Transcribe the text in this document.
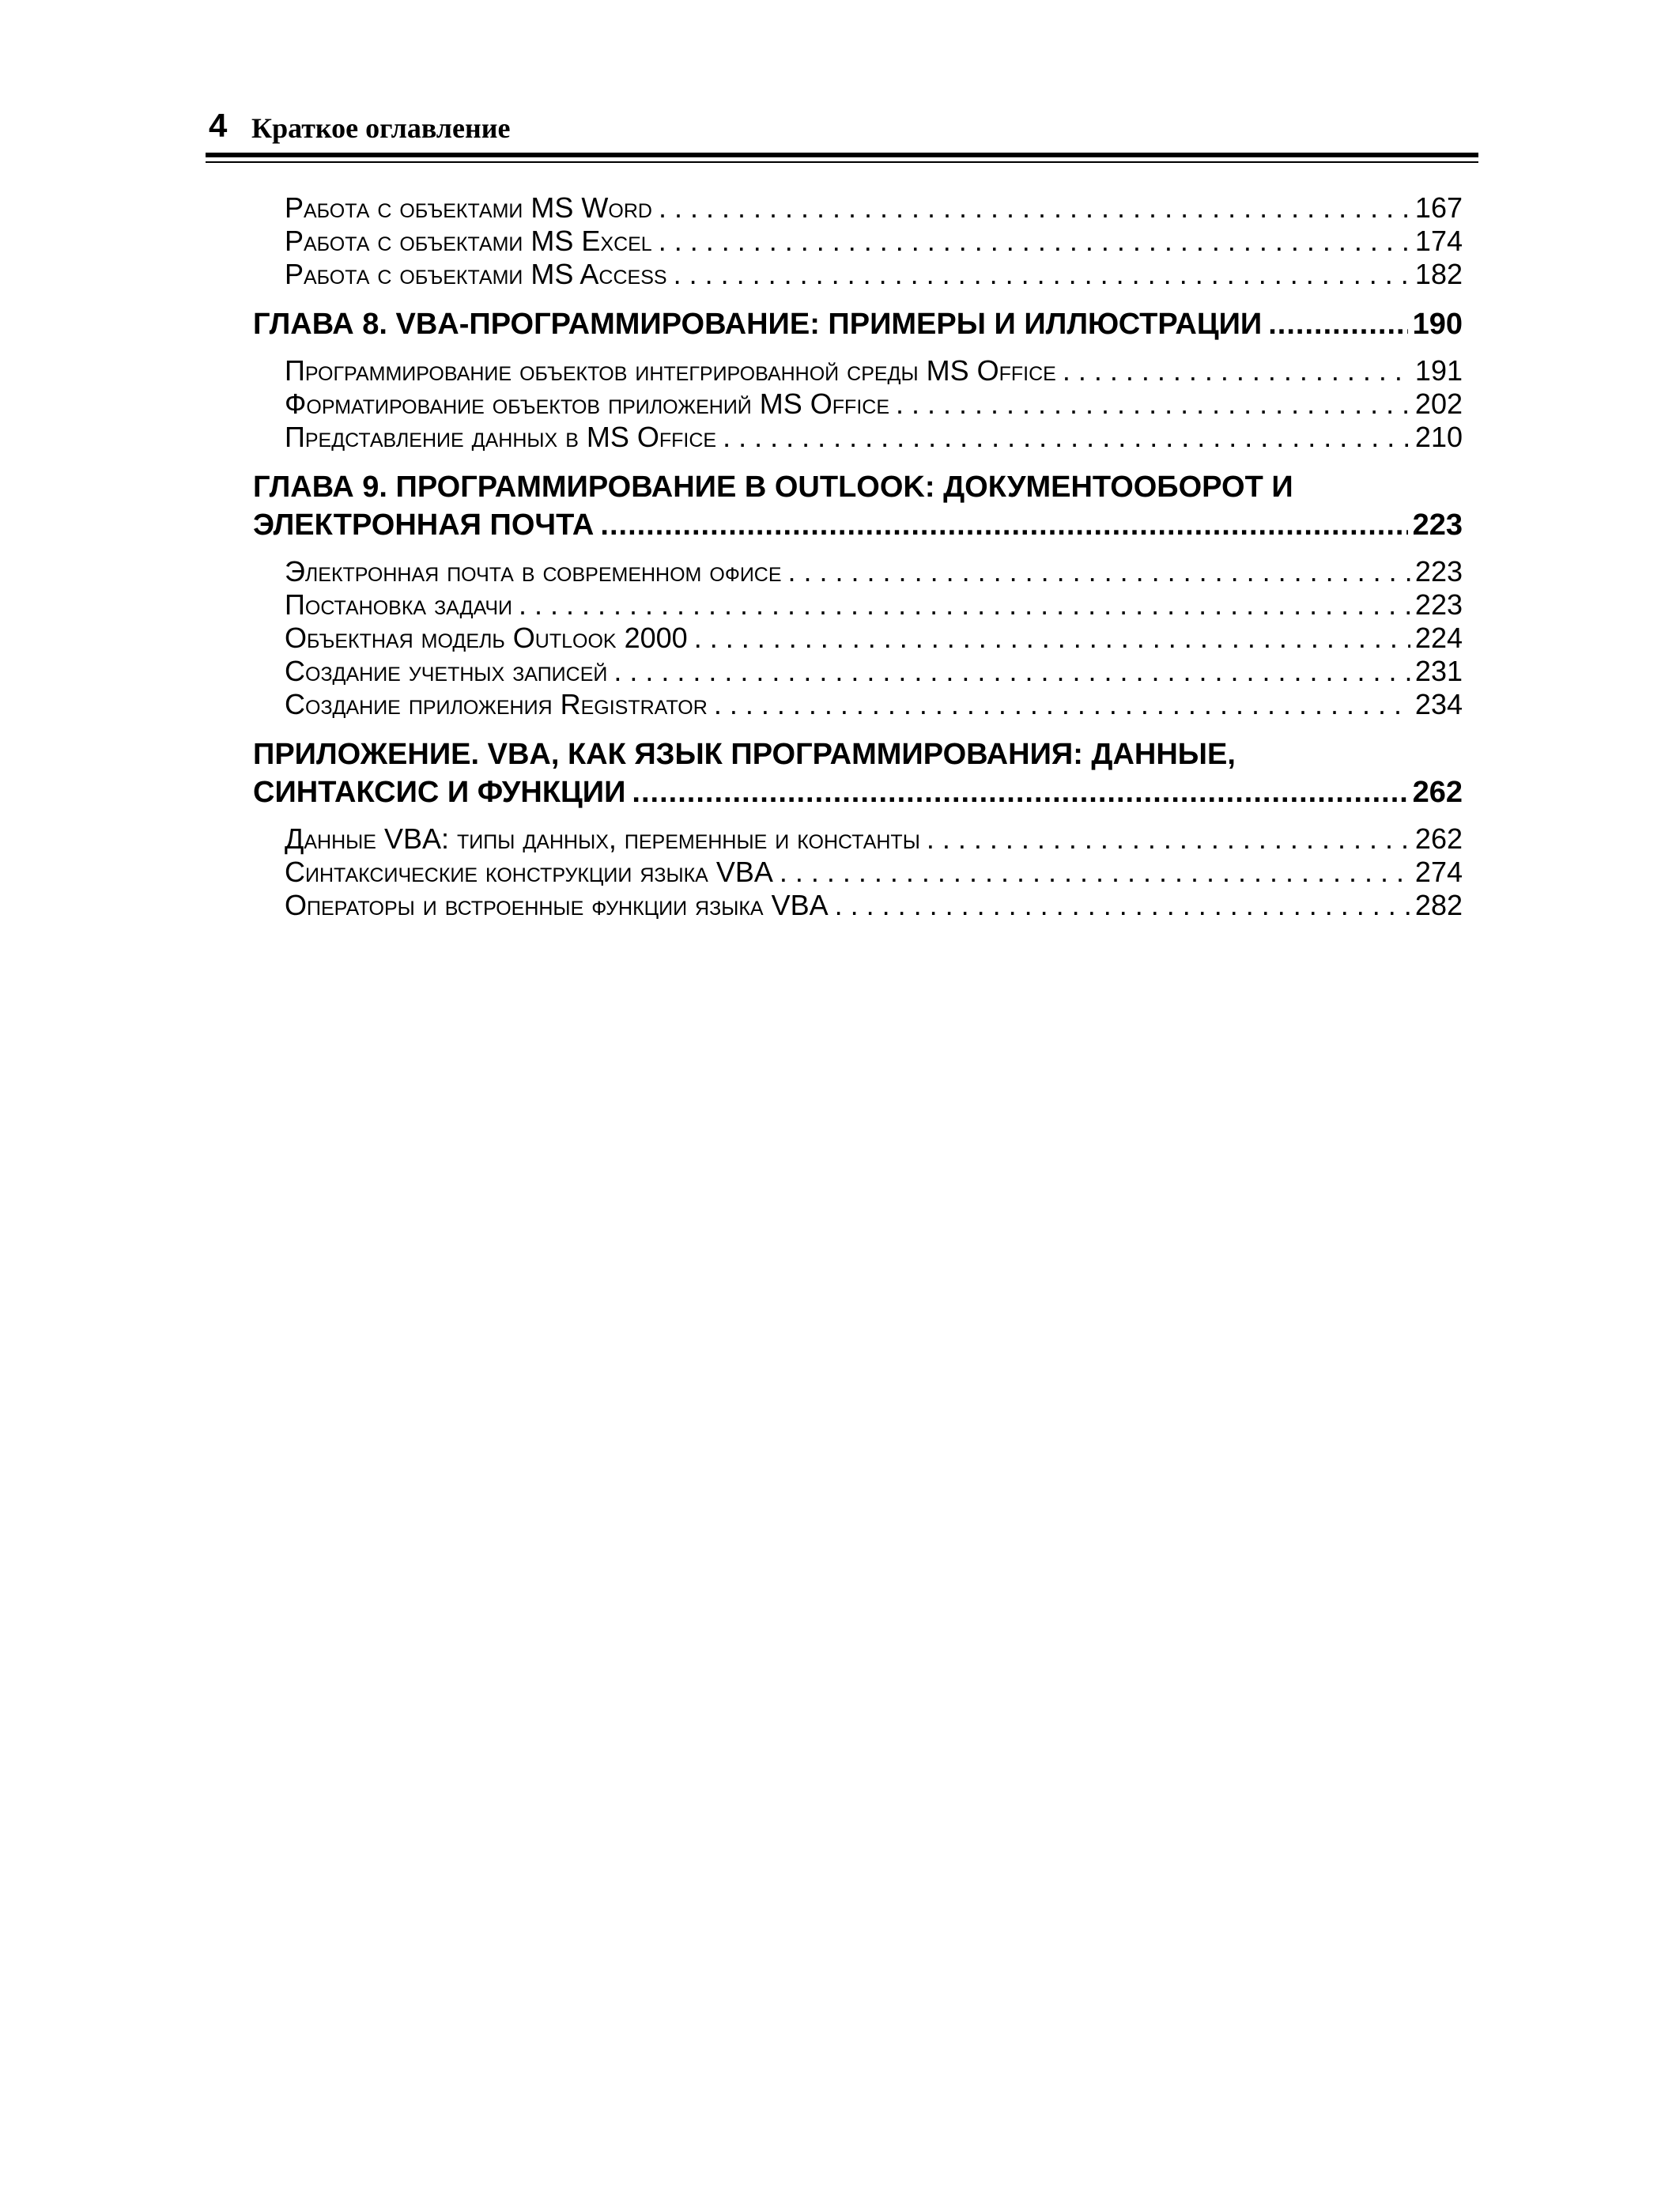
4 Краткое оглавление
Работа с объектами MS Word . . .	167
Работа с объектами MS Excel . . .	174
Работа с объектами MS Access . . .	182
ГЛАВА 8. VBA-ПРОГРАММИРОВАНИЕ: ПРИМЕРЫ И ИЛЛЮСТРАЦИИ .....	190
Программирование объектов интегрированной среды MS Office . . .	191
Форматирование объектов приложений MS Office . . .	202
Представление данных в MS Office . . .	210
ГЛАВА 9. ПРОГРАММИРОВАНИЕ В OUTLOOK: ДОКУМЕНТООБОРОТ И
ЭЛЕКТРОННАЯ ПОЧТА .....	223
Электронная почта в современном офисе . . .	223
Постановка задачи . . .	223
Объектная модель Outlook 2000 . . .	224
Создание учетных записей . . .	231
Создание приложения Registrator . . .	234
ПРИЛОЖЕНИЕ. VBA, КАК ЯЗЫК ПРОГРАММИРОВАНИЯ: ДАННЫЕ,
СИНТАКСИС И ФУНКЦИИ .....	262
Данные VBA: типы данных, переменные и константы . . .	262
Синтаксические конструкции языка VBA . . .	274
Операторы и встроенные функции языка VBA . . .	282
